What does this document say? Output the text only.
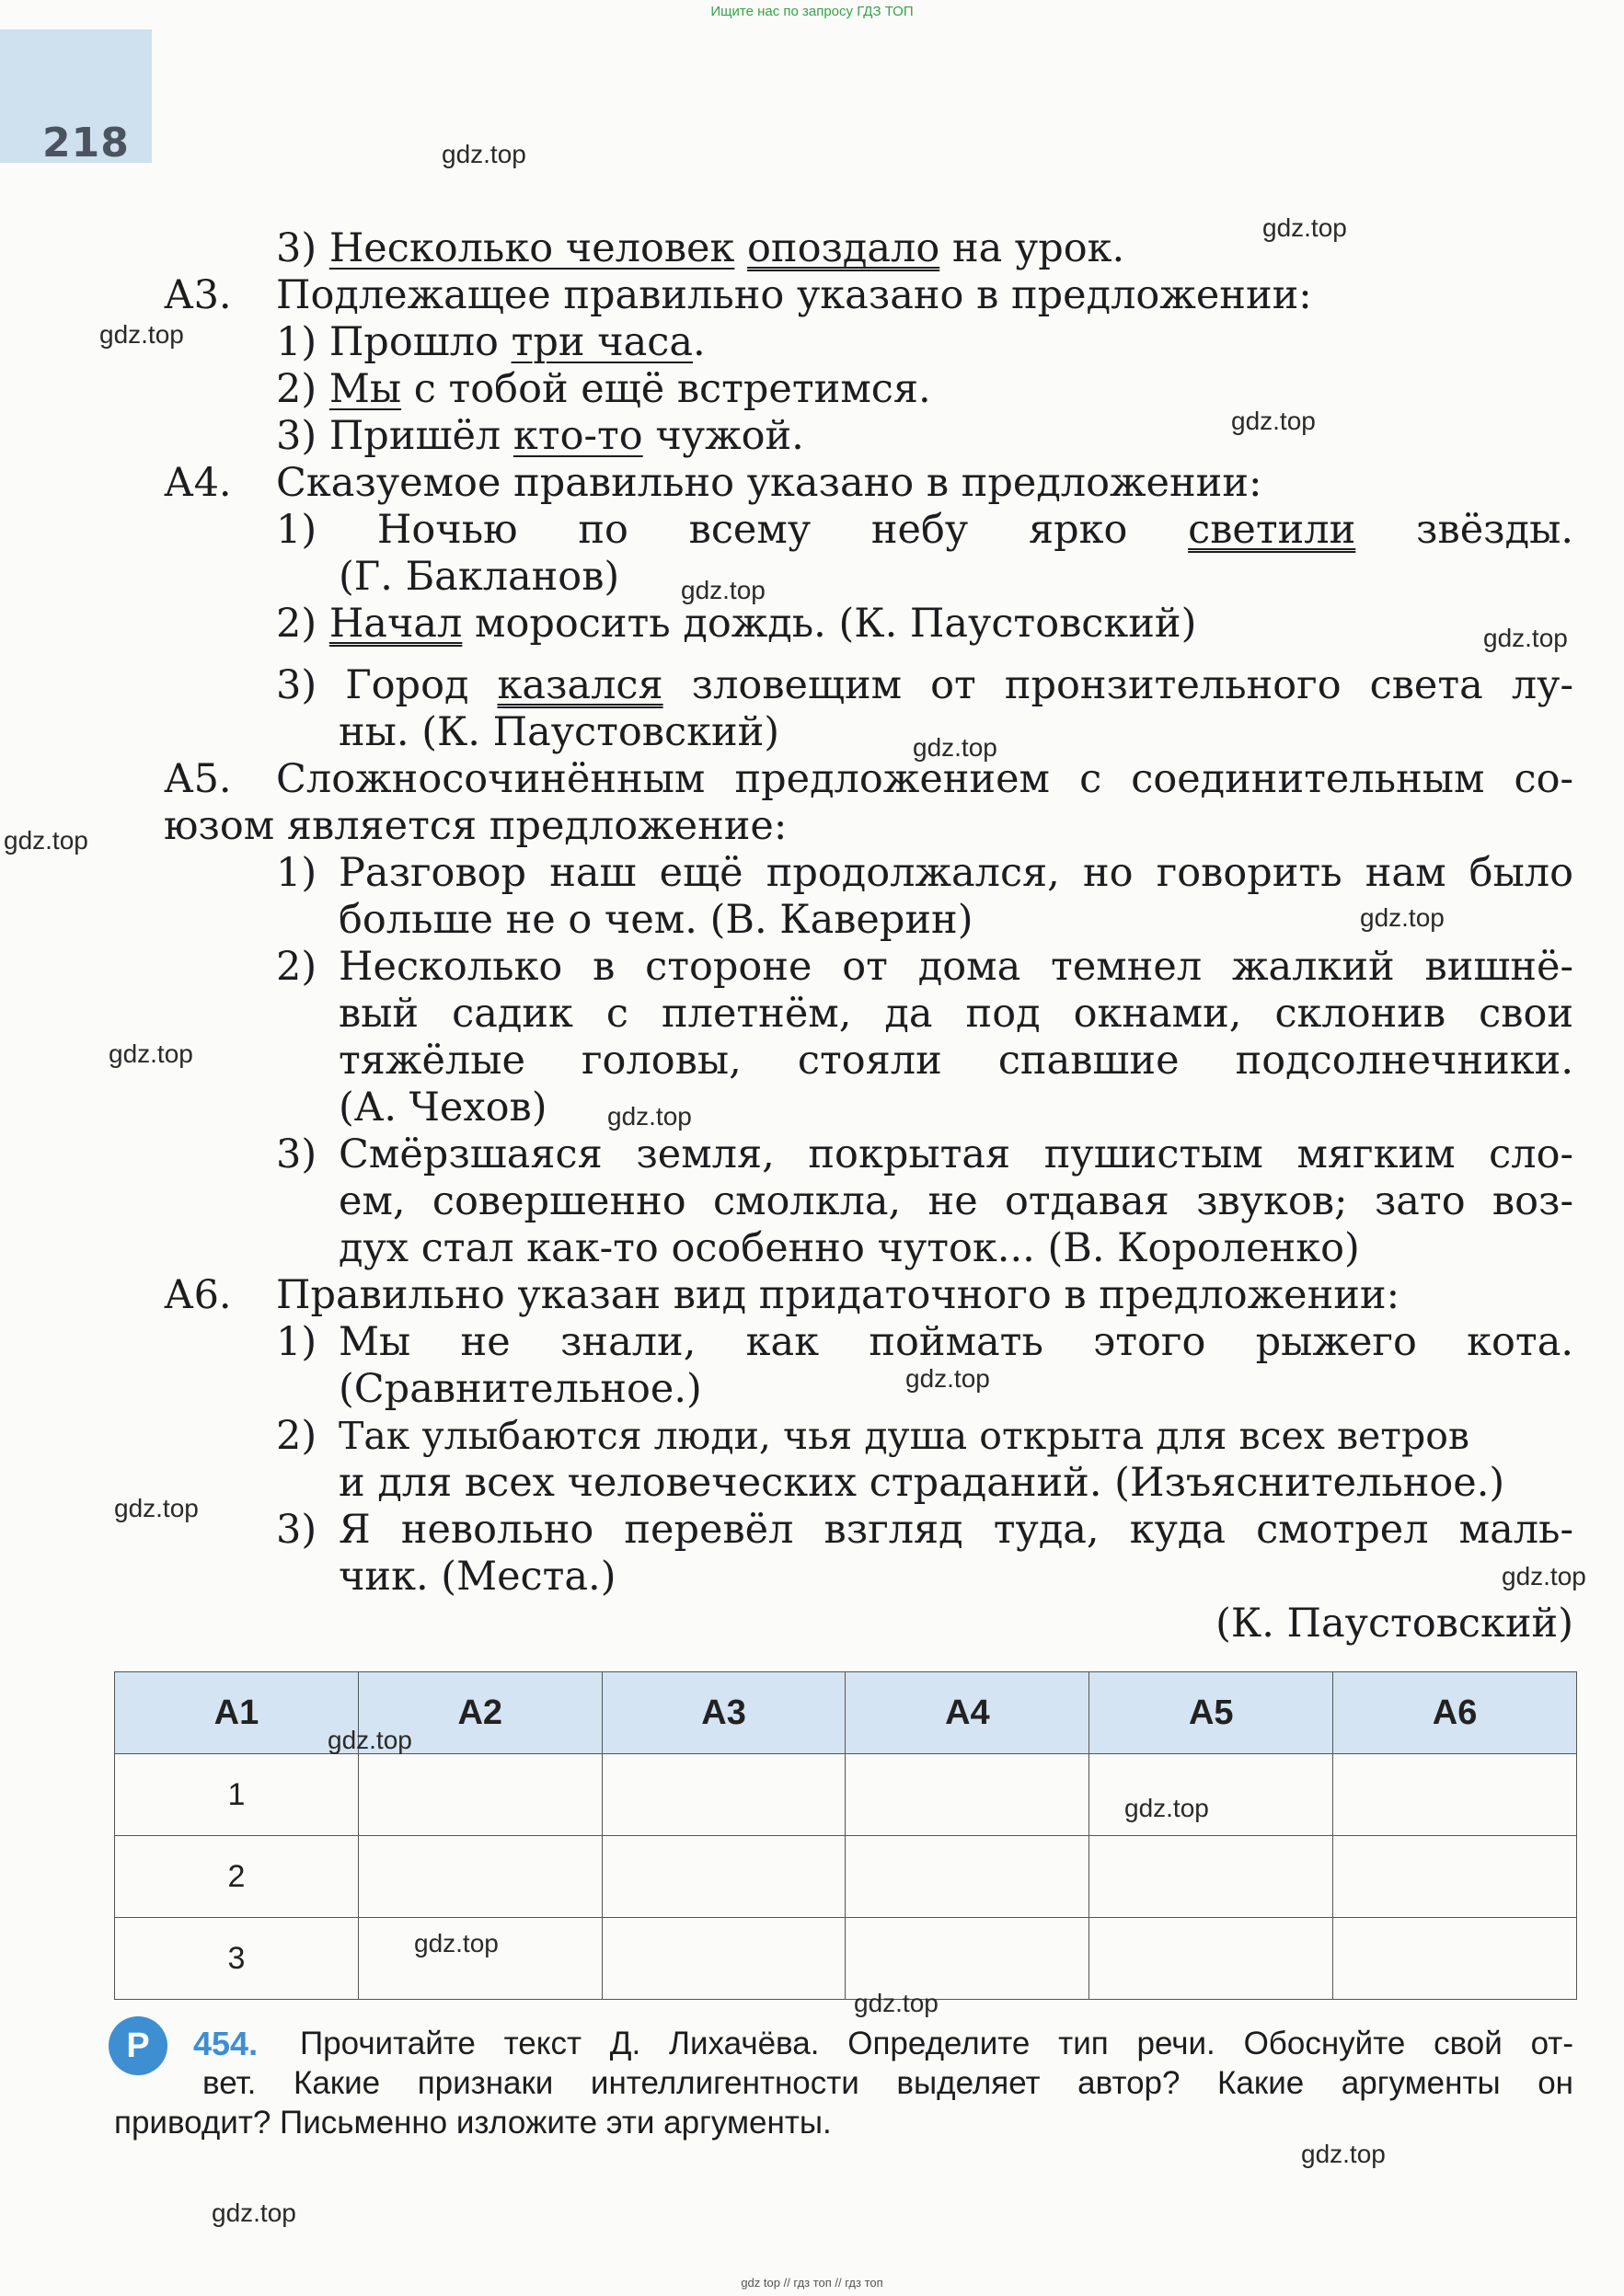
Ищите нас по запросу ГДЗ ТОП
218
3) Несколько человек опоздало на урок.
А3. Подлежащее правильно указано в предложении:
1) Прошло три часа.
2) Мы с тобой ещё встретимся.
3) Пришёл кто-то чужой.
А4. Сказуемое правильно указано в предложении:
1) Ночью по всему небу ярко светили звёзды.
(Г. Бакланов)
2) Начал моросить дождь. (К. Паустовский)
3) Город казался зловещим от пронзительного света лу-
ны. (К. Паустовский)
А5. Сложносочинённым предложением с соединительным со-
юзом является предложение:
1) Разговор наш ещё продолжался, но говорить нам было
больше не о чем. (В. Каверин)
2) Несколько в стороне от дома темнел жалкий вишнё-
вый садик с плетнём, да под окнами, склонив свои
тяжёлые головы, стояли спавшие подсолнечники.
(А. Чехов)
3) Смёрзшаяся земля, покрытая пушистым мягким сло-
ем, совершенно смолкла, не отдавая звуков; зато воз-
дух стал как-то особенно чуток... (В. Короленко)
А6. Правильно указан вид придаточного в предложении:
1) Мы не знали, как поймать этого рыжего кота.
(Сравнительное.)
2) Так улыбаются люди, чья душа открыта для всех ветров
и для всех человеческих страданий. (Изъяснительное.)
3) Я невольно перевёл взгляд туда, куда смотрел маль-
чик. (Места.)
(К. Паустовский)
А1	А2	А3	А4	А5	А6
1					
2					
3					
Р	454. Прочитайте текст Д. Лихачёва. Определите тип речи. Обоснуйте свой от-
вет. Какие признаки интеллигентности выделяет автор? Какие аргументы он
приводит? Письменно изложите эти аргументы.
gdz.top
gdz.top
gdz.top
gdz.top
gdz.top
gdz.top
gdz.top
gdz.top
gdz.top
gdz.top
gdz.top
gdz.top
gdz.top
gdz.top
gdz.top
gdz.top
gdz.top
gdz.top
gdz.top
gdz.top
gdz top // гдз топ // гдз топ
